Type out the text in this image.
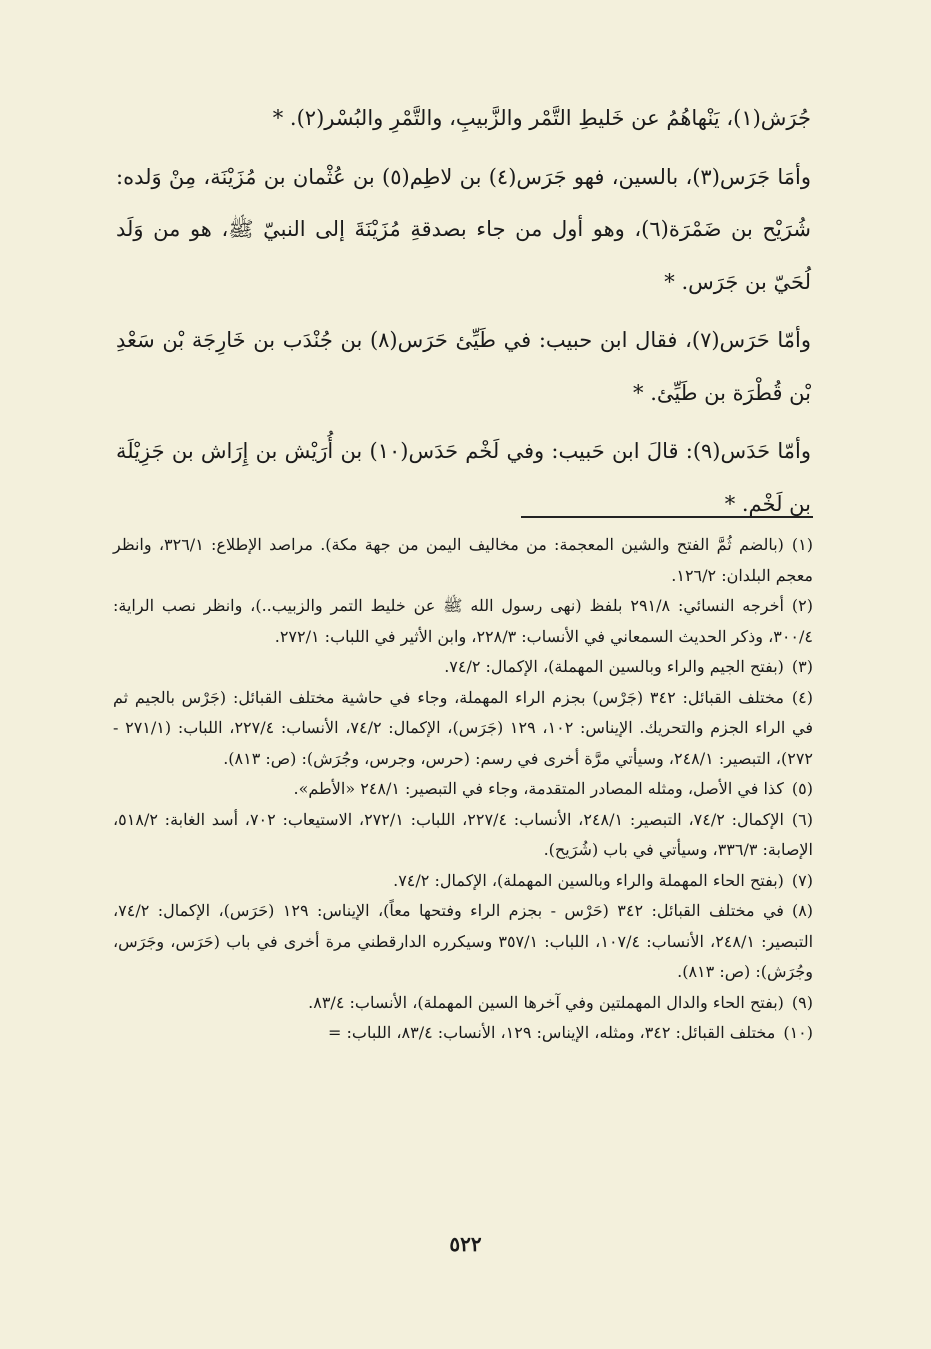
جُرَش(١)، يَنْهاهُمُ عن خَليطِ التَّمْر والزَّبيبِ، والتَّمْرِ والبُسْر(٢). *

وأمَا جَرَس(٣)، بالسين، فهو جَرَس(٤) بن لاطِم(٥) بن عُثْمان بن مُزَيْنَة، مِنْ وَلده: شُرَيْح بن ضَمْرَة(٦)، وهو أول من جاء بصدقةِ مُزَيْنَةَ إلى النبيّ ﷺ، هو من وَلَد لُحَيّ بن جَرَس. *

وأمّا حَرَس(٧)، فقال ابن حبيب: في طَيِّئ حَرَس(٨) بن جُنْدَب بن خَارِجَة بْن سَعْدِ بْن قُطْرَة بن طَيِّئ. *

وأمّا حَدَس(٩): قالَ ابن حَبيب: وفي لَخْم حَدَس(١٠) بن أُرَيْش بن إِرَاش بن جَزِيْلَة بن لَخْم. *

(١)(بالضم ثُمَّ الفتح والشين المعجمة: من مخاليف اليمن من جهة مكة). مراصد الإطلاع: ٣٢٦/١، وانظر معجم البلدان: ١٢٦/٢.

(٢)أخرجه النسائي: ٢٩١/٨ بلفظ (نهى رسول الله ﷺ عن خليط التمر والزبيب..)، وانظر نصب الراية: ٣٠٠/٤، وذكر الحديث السمعاني في الأنساب: ٢٢٨/٣، وابن الأثير في اللباب: ٢٧٢/١.

(٣)(بفتح الجيم والراء وبالسين المهملة)، الإكمال: ٧٤/٢.

(٤)مختلف القبائل: ٣٤٢ (جَرْس) بجزم الراء المهملة، وجاء في حاشية مختلف القبائل: (جَرْس بالجيم ثم في الراء الجزم والتحريك. الإيناس: ١٠٢، ١٢٩ (جَرَس)، الإكمال: ٧٤/٢، الأنساب: ٢٢٧/٤، اللباب: (٢٧١/١ - ٢٧٢)، التبصير: ٢٤٨/١، وسيأتي مرَّة أخرى في رسم: (حرس، وجرس، وجُرَش): (ص: ٨١٣).

(٥)كذا في الأصل، ومثله المصادر المتقدمة، وجاء في التبصير: ٢٤٨/١ «الأطم».

(٦)الإكمال: ٧٤/٢، التبصير: ٢٤٨/١، الأنساب: ٢٢٧/٤، اللباب: ٢٧٢/١، الاستيعاب: ٧٠٢، أسد الغابة: ٥١٨/٢، الإصابة: ٣٣٦/٣، وسيأتي في باب (شُرَيح).

(٧)(بفتح الحاء المهملة والراء وبالسين المهملة)، الإكمال: ٧٤/٢.

(٨)في مختلف القبائل: ٣٤٢ (حَرْس - بجزم الراء وفتحها معاً)، الإيناس: ١٢٩ (حَرَس)، الإكمال: ٧٤/٢، التبصير: ٢٤٨/١، الأنساب: ١٠٧/٤، اللباب: ٣٥٧/١ وسيكرره الدارقطني مرة أخرى في باب (حَرَس، وجَرَس، وجُرَش): (ص: ٨١٣).

(٩)(بفتح الحاء والدال المهملتين وفي آخرها السين المهملة)، الأنساب: ٨٣/٤.

(١٠)مختلف القبائل: ٣٤٢، ومثله، الإيناس: ١٢٩، الأنساب: ٨٣/٤، اللباب: =

٥٢٢
